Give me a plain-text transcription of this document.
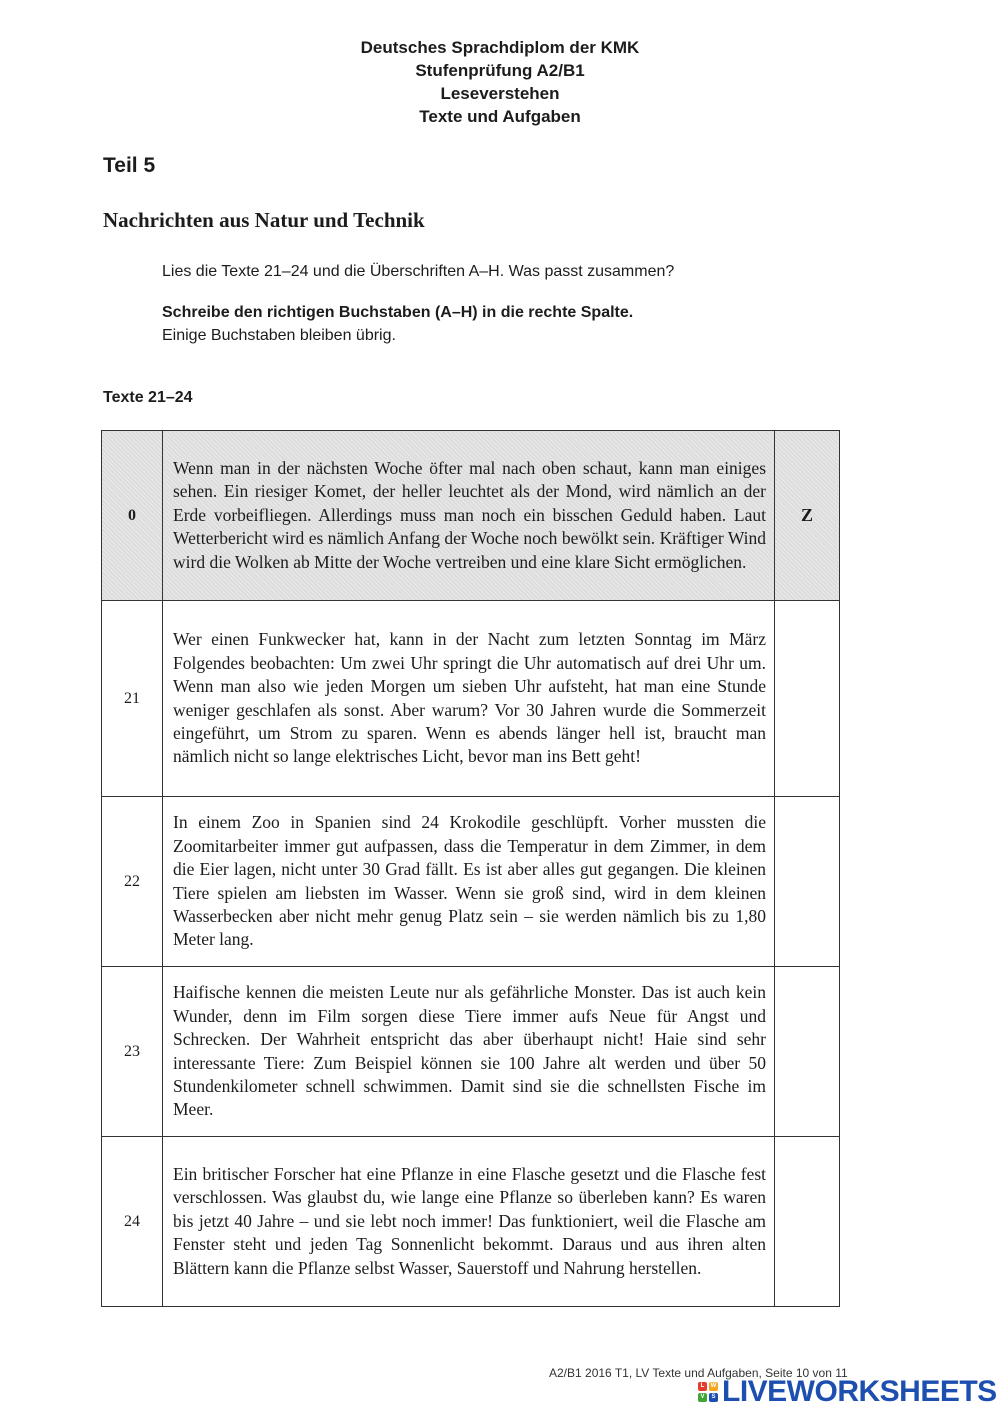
Deutsches Sprachdiplom der KMK
Stufenprüfung A2/B1
Leseverstehen
Texte und Aufgaben
Teil 5
Nachrichten aus Natur und Technik
Lies die Texte 21–24 und die Überschriften A–H. Was passt zusammen?
Schreibe den richtigen Buchstaben (A–H) in die rechte Spalte.
Einige Buchstaben bleiben übrig.
Texte 21–24
0	Wenn man in der nächsten Woche öfter mal nach oben schaut, kann man einiges sehen. Ein riesiger Komet, der heller leuchtet als der Mond, wird nämlich an der Erde vorbeifliegen. Allerdings muss man noch ein bisschen Geduld haben. Laut Wetterbericht wird es nämlich Anfang der Woche noch bewölkt sein. Kräftiger Wind wird die Wolken ab Mitte der Woche vertreiben und eine klare Sicht ermöglichen.	Z
21	Wer einen Funkwecker hat, kann in der Nacht zum letzten Sonntag im März Folgendes beobachten: Um zwei Uhr springt die Uhr automatisch auf drei Uhr um. Wenn man also wie jeden Morgen um sieben Uhr aufsteht, hat man eine Stunde weniger geschlafen als sonst. Aber warum? Vor 30 Jahren wurde die Sommerzeit eingeführt, um Strom zu sparen. Wenn es abends länger hell ist, braucht man nämlich nicht so lange elektrisches Licht, bevor man ins Bett geht!	
22	In einem Zoo in Spanien sind 24 Krokodile geschlüpft. Vorher mussten die Zoomitarbeiter immer gut aufpassen, dass die Temperatur in dem Zimmer, in dem die Eier lagen, nicht unter 30 Grad fällt. Es ist aber alles gut gegangen. Die kleinen Tiere spielen am liebsten im Wasser. Wenn sie groß sind, wird in dem kleinen Wasserbecken aber nicht mehr genug Platz sein – sie werden nämlich bis zu 1,80 Meter lang.	
23	Haifische kennen die meisten Leute nur als gefährliche Monster. Das ist auch kein Wunder, denn im Film sorgen diese Tiere immer aufs Neue für Angst und Schrecken. Der Wahrheit entspricht das aber überhaupt nicht! Haie sind sehr interessante Tiere: Zum Beispiel können sie 100 Jahre alt werden und über 50 Stundenkilometer schnell schwimmen. Damit sind sie die schnellsten Fische im Meer.	
24	Ein britischer Forscher hat eine Pflanze in eine Flasche gesetzt und die Flasche fest verschlossen. Was glaubst du, wie lange eine Pflanze so überleben kann? Es waren bis jetzt 40 Jahre – und sie lebt noch immer! Das funktioniert, weil die Flasche am Fenster steht und jeden Tag Sonnenlicht bekommt. Daraus und aus ihren alten Blättern kann die Pflanze selbst Wasser, Sauerstoff und Nahrung herstellen.	
A2/B1 2016 T1, LV Texte und Aufgaben, Seite 10 von 11
L	W
V	S LIVEWORKSHEETS
